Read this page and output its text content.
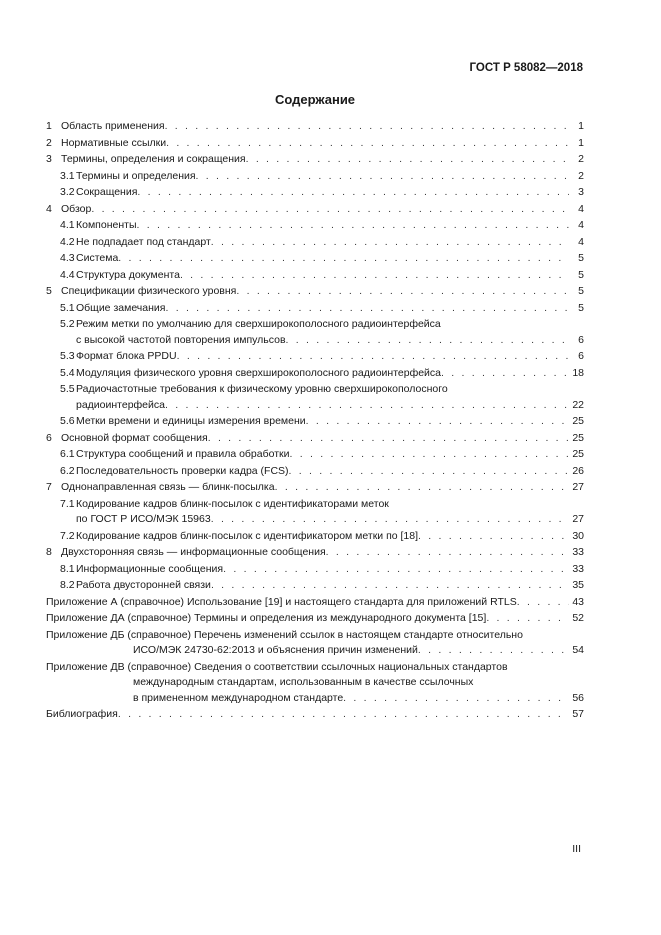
ГОСТ Р 58082—2018
Содержание
1 Область применения . . .	1
2 Нормативные ссылки . . .	1
3 Термины, определения и сокращения . . .	2
3.1 Термины и определения . . .	2
3.2 Сокращения . . .	3
4 Обзор . . .	4
4.1 Компоненты . . .	4
4.2 Не подпадает под стандарт . . .	4
4.3 Система . . .	5
4.4 Структура документа . . .	5
5 Спецификации физического уровня . . .	5
5.1 Общие замечания . . .	5
5.2 Режим метки по умолчанию для сверхширокополосного радиоинтерфейса
с высокой частотой повторения импульсов . . .	6
5.3 Формат блока PPDU . . .	6
5.4 Модуляция физического уровня сверхширокополосного радиоинтерфейса . . .	18
5.5 Радиочастотные требования к физическому уровню сверхширокополосного
радиоинтерфейса . . .	22
5.6 Метки времени и единицы измерения времени . . .	25
6 Основной формат сообщения . . .	25
6.1 Структура сообщений и правила обработки . . .	25
6.2 Последовательность проверки кадра (FCS) . . .	26
7 Однонаправленная связь — блинк-посылка . . .	27
7.1 Кодирование кадров блинк-посылок с идентификаторами меток
по ГОСТ Р ИСО/МЭК 15963 . . .	27
7.2 Кодирование кадров блинк-посылок с идентификатором метки по [18] . . .	30
8 Двухсторонняя связь — информационные сообщения . . .	33
8.1 Информационные сообщения . . .	33
8.2 Работа двусторонней связи . . .	35
Приложение А (справочное) Использование [19] и настоящего стандарта для приложений RTLS . . .	43
Приложение ДА (справочное) Термины и определения из международного документа [15] . . .	52
Приложение ДБ (справочное) Перечень изменений ссылок в настоящем стандарте относительно
ИСО/МЭК 24730-62:2013 и объяснения причин изменений . . .	54
Приложение ДВ (справочное) Сведения о соответствии ссылочных национальных стандартов
международным стандартам, использованным в качестве ссылочных
в примененном международном стандарте . . .	56
Библиография . . .	57
III
